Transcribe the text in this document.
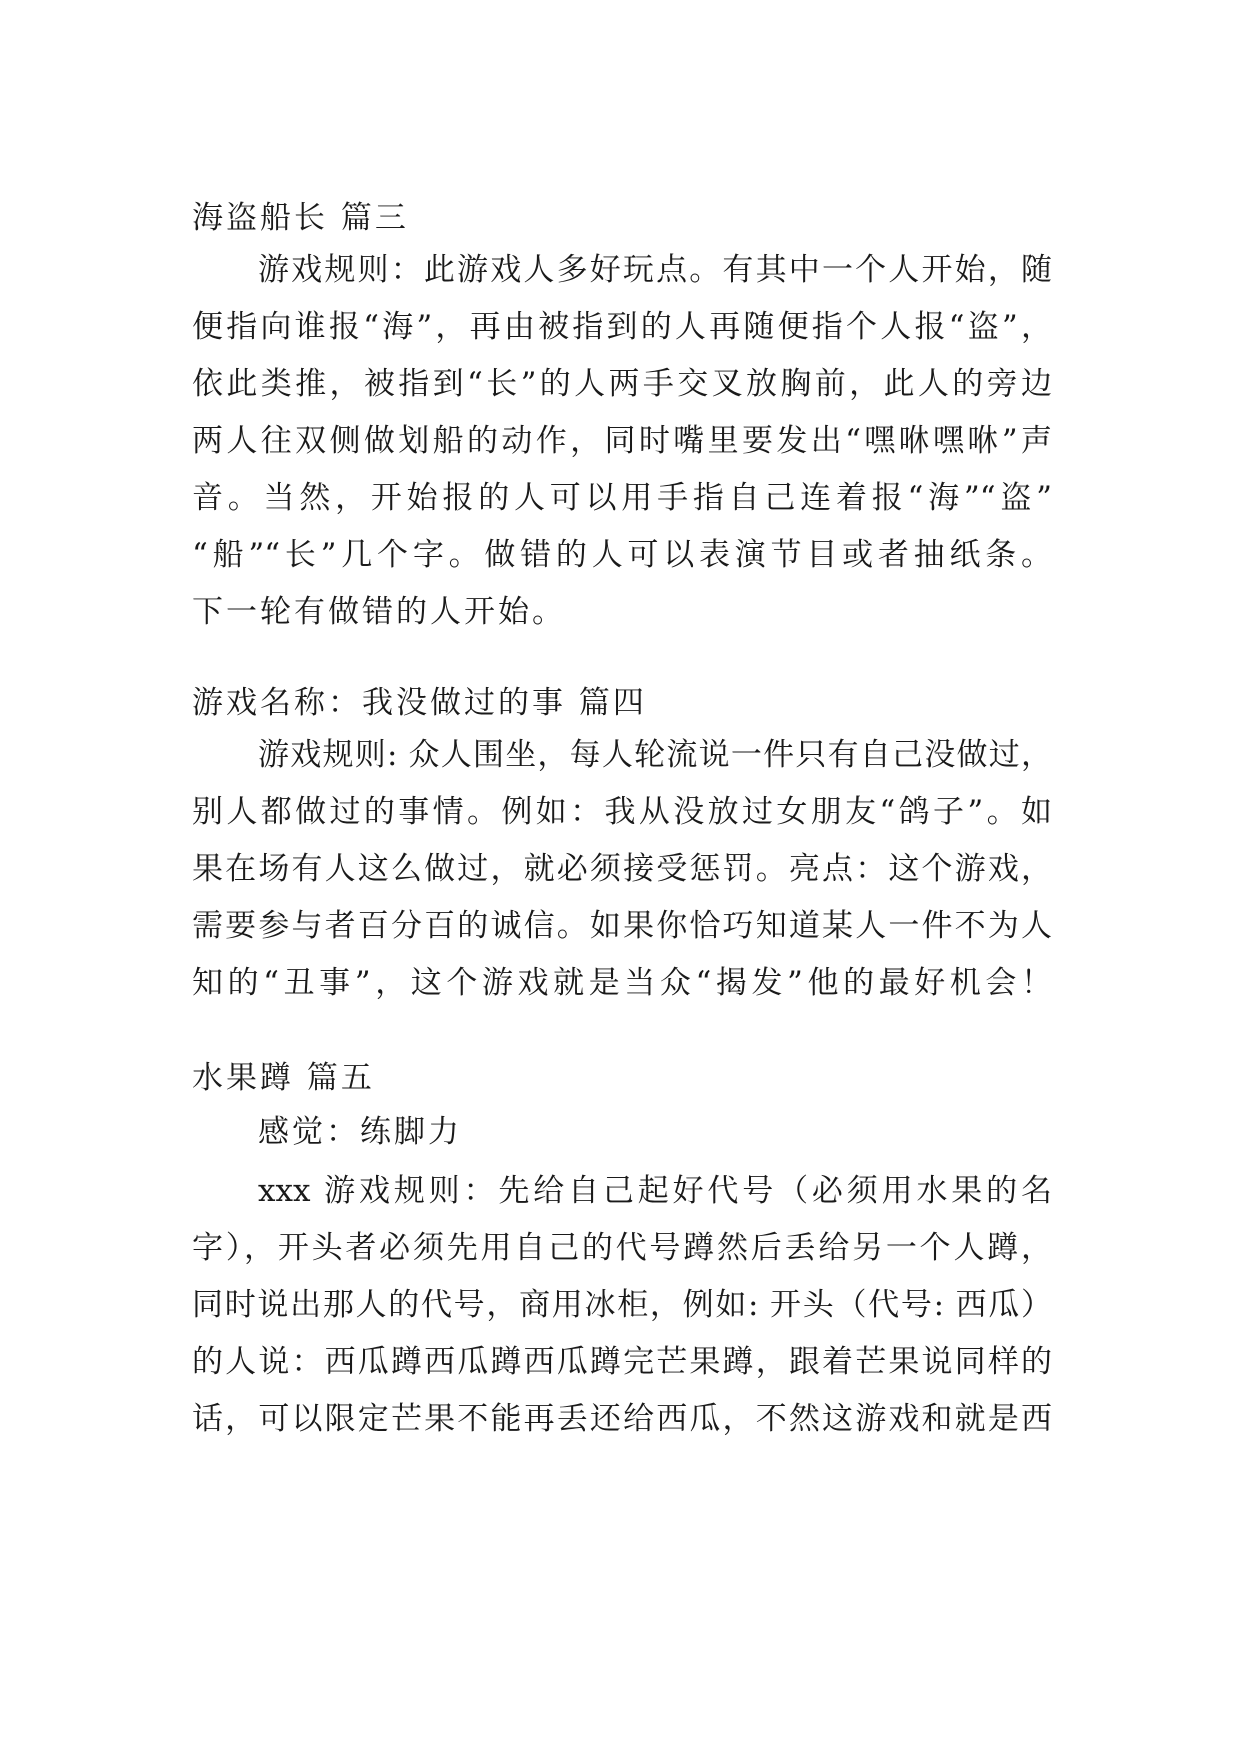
海盗船长 篇三
游戏规则：此游戏人多好玩点。有其中一个人开始，随
便指向谁报“海”，再由被指到的人再随便指个人报“盗”，
依此类推，被指到“长”的人两手交叉放胸前，此人的旁边
两人往双侧做划船的动作，同时嘴里要发出“嘿咻嘿咻”声
音。当然，开始报的人可以用手指自己连着报“海”“盗”
“船”“长”几个字。做错的人可以表演节目或者抽纸条。
下一轮有做错的人开始。
游戏名称：我没做过的事 篇四
游戏规则: 众人围坐，每人轮流说一件只有自己没做过，
别人都做过的事情。例如：我从没放过女朋友“鸽子”。如
果在场有人这么做过，就必须接受惩罚。亮点：这个游戏，
需要参与者百分百的诚信。如果你恰巧知道某人一件不为人
知的“丑事”，这个游戏就是当众“揭发”他的最好机会！
水果蹲 篇五
感觉：练脚力
xxx 游戏规则：先给自己起好代号（必须用水果的名
字），开头者必须先用自己的代号蹲然后丢给另一个人蹲，
同时说出那人的代号，商用冰柜，例如: 开头（代号: 西瓜）
的人说：西瓜蹲西瓜蹲西瓜蹲完芒果蹲，跟着芒果说同样的
话，可以限定芒果不能再丢还给西瓜，不然这游戏和就是西
